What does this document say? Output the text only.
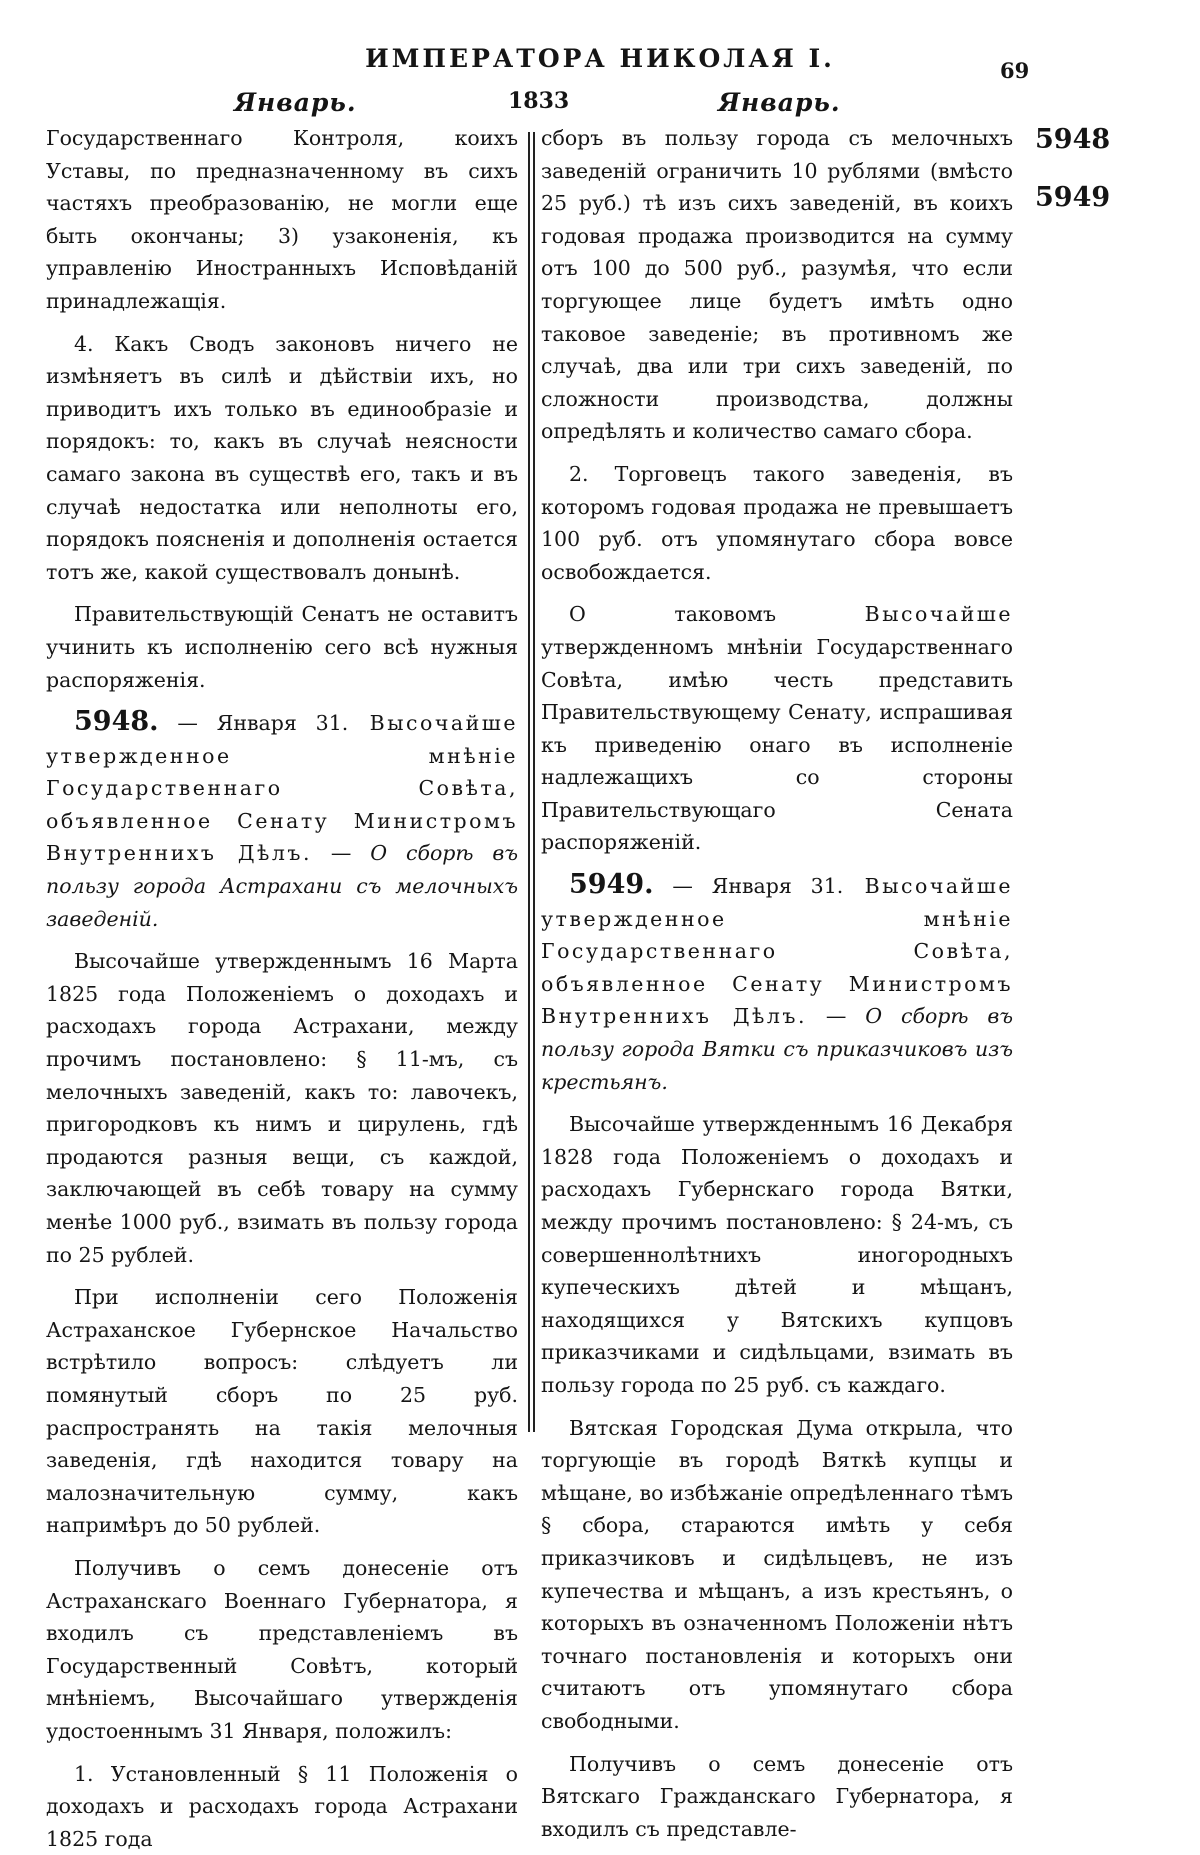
ИМПЕРАТОРА НИКОЛАЯ I.	69
Январь.	1833	Январь.
5948
5949

Государственнаго Контроля, коихъ Уставы, по предназначенному въ сихъ частяхъ преобразованію, не могли еще быть окончаны; 3) узаконенія, къ управленію Иностранныхъ Исповѣданій принадлежащія.

4. Какъ Сводъ законовъ ничего не измѣняетъ въ силѣ и дѣйствіи ихъ, но приводитъ ихъ только въ единообразіе и порядокъ: то, какъ въ случаѣ неясности самаго закона въ существѣ его, такъ и въ случаѣ недостатка или неполноты его, порядокъ поясненія и дополненія остается тотъ же, какой существовалъ донынѣ.

Правительствующій Сенатъ не оставитъ учинить къ исполненію сего всѣ нужныя распоряженія.

5948. — Января 31. Высочайше утвержденное мнѣніе Государственнаго Совѣта, объявленное Сенату Министромъ Внутреннихъ Дѣлъ. — О сборѣ въ пользу города Астрахани съ мелочныхъ заведеній.

Высочайше утвержденнымъ 16 Марта 1825 года Положеніемъ о доходахъ и расходахъ города Астрахани, между прочимъ постановлено: § 11-мъ, съ мелочныхъ заведеній, какъ то: лавочекъ, пригородковъ къ нимъ и цирулень, гдѣ продаются разныя вещи, съ каждой, заключающей въ себѣ товару на сумму менѣе 1000 руб., взимать въ пользу города по 25 рублей.

При исполненіи сего Положенія Астраханское Губернское Начальство встрѣтило вопросъ: слѣдуетъ ли помянутый сборъ по 25 руб. распространять на такія мелочныя заведенія, гдѣ находится товару на малозначительную сумму, какъ напримѣръ до 50 рублей.

Получивъ о семъ донесеніе отъ Астраханскаго Военнаго Губернатора, я входилъ съ представленіемъ въ Государственный Совѣтъ, который мнѣніемъ, Высочайшаго утвержденія удостоеннымъ 31 Января, положилъ:

1. Установленный § 11 Положенія о доходахъ и расходахъ города Астрахани 1825 года

сборъ въ пользу города съ мелочныхъ заведеній ограничить 10 рублями (вмѣсто 25 руб.) тѣ изъ сихъ заведеній, въ коихъ годовая продажа производится на сумму отъ 100 до 500 руб., разумѣя, что если торгующее лице будетъ имѣть одно таковое заведеніе; въ противномъ же случаѣ, два или три сихъ заведеній, по сложности производства, должны опредѣлять и количество самаго сбора.

2. Торговецъ такого заведенія, въ которомъ годовая продажа не превышаетъ 100 руб. отъ упомянутаго сбора вовсе освобождается.

О таковомъ Высочайше утвержденномъ мнѣніи Государственнаго Совѣта, имѣю честь представить Правительствующему Сенату, испрашивая къ приведенію онаго въ исполненіе надлежащихъ со стороны Правительствующаго Сената распоряженій.

5949. — Января 31. Высочайше утвержденное мнѣніе Государственнаго Совѣта, объявленное Сенату Министромъ Внутреннихъ Дѣлъ. — О сборѣ въ пользу города Вятки съ приказчиковъ изъ крестьянъ.

Высочайше утвержденнымъ 16 Декабря 1828 года Положеніемъ о доходахъ и расходахъ Губернскаго города Вятки, между прочимъ постановлено: § 24-мъ, съ совершеннолѣтнихъ иногородныхъ купеческихъ дѣтей и мѣщанъ, находящихся у Вятскихъ купцовъ приказчиками и сидѣльцами, взимать въ пользу города по 25 руб. съ каждаго.

Вятская Городская Дума открыла, что торгующіе въ городѣ Вяткѣ купцы и мѣщане, во избѣжаніе опредѣленнаго тѣмъ § сбора, стараются имѣть у себя приказчиковъ и сидѣльцевъ, не изъ купечества и мѣщанъ, а изъ крестьянъ, о которыхъ въ означенномъ Положеніи нѣтъ точнаго постановленія и которыхъ они считаютъ отъ упомянутаго сбора свободными.

Получивъ о семъ донесеніе отъ Вятскаго Гражданскаго Губернатора, я входилъ съ представле-
